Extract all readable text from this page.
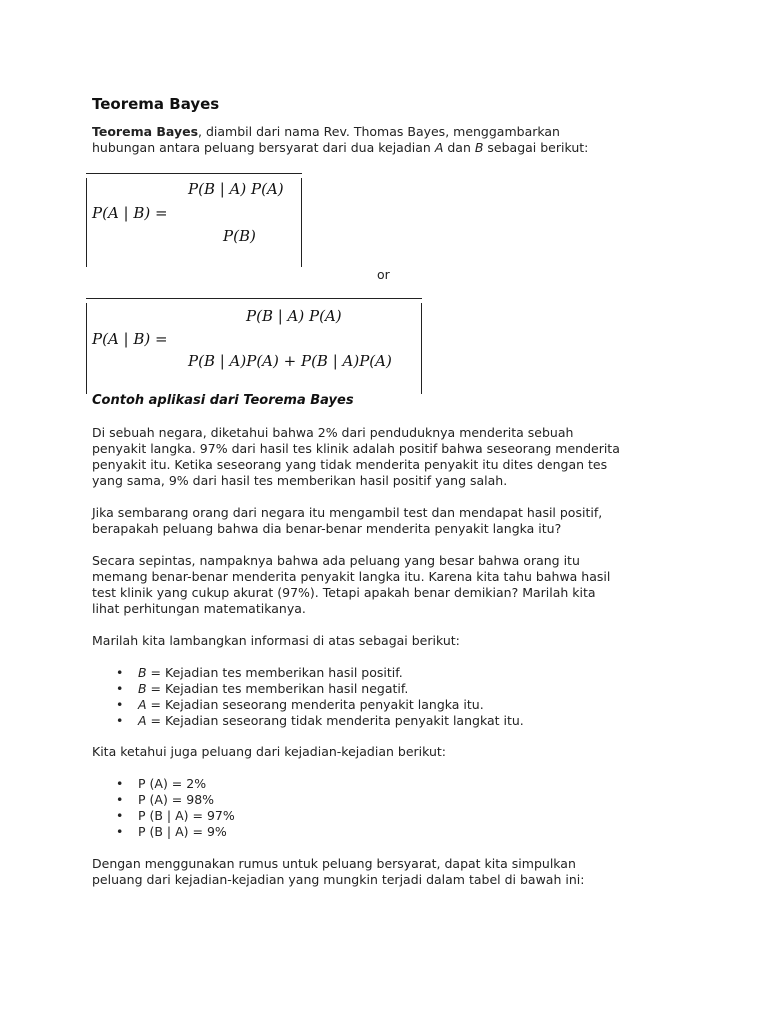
Teorema Bayes
Teorema Bayes, diambil dari nama Rev. Thomas Bayes, menggambarkan
hubungan antara peluang bersyarat dari dua kejadian A dan B sebagai berikut:
P(B | A) P(A)
P(A | B) =
P(B)
or
P(B | A) P(A)
P(A | B) =
P(B | A)P(A) + P(B | A)P(A)
Contoh aplikasi dari Teorema Bayes
Di sebuah negara, diketahui bahwa 2% dari penduduknya menderita sebuah
penyakit langka. 97% dari hasil tes klinik adalah positif bahwa seseorang menderita
penyakit itu. Ketika seseorang yang tidak menderita penyakit itu dites dengan tes
yang sama, 9% dari hasil tes memberikan hasil positif yang salah.
Jika sembarang orang dari negara itu mengambil test dan mendapat hasil positif,
berapakah peluang bahwa dia benar-benar menderita penyakit langka itu?
Secara sepintas, nampaknya bahwa ada peluang yang besar bahwa orang itu
memang benar-benar menderita penyakit langka itu. Karena kita tahu bahwa hasil
test klinik yang cukup akurat (97%). Tetapi apakah benar demikian? Marilah kita
lihat perhitungan matematikanya.
Marilah kita lambangkan informasi di atas sebagai berikut:
• B = Kejadian tes memberikan hasil positif.
• B = Kejadian tes memberikan hasil negatif.
• A = Kejadian seseorang menderita penyakit langka itu.
• A = Kejadian seseorang tidak menderita penyakit langkat itu.
Kita ketahui juga peluang dari kejadian-kejadian berikut:
• P (A) = 2%
• P (A) = 98%
• P (B | A) = 97%
• P (B | A) = 9%
Dengan menggunakan rumus untuk peluang bersyarat, dapat kita simpulkan
peluang dari kejadian-kejadian yang mungkin terjadi dalam tabel di bawah ini:
